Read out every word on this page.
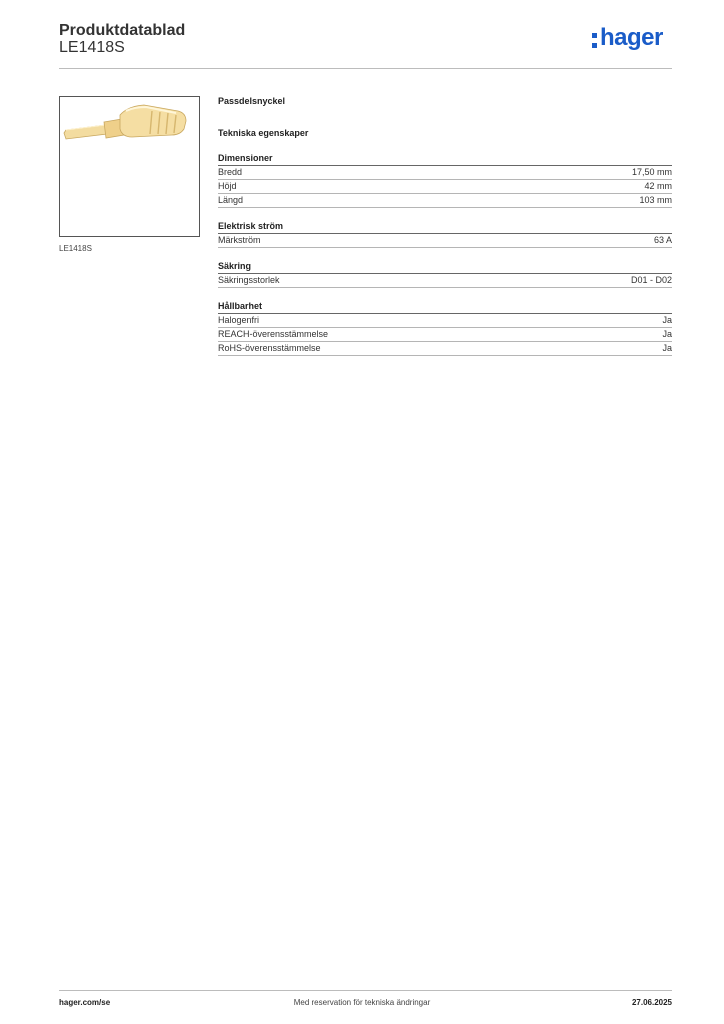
Produktdatablad
LE1418S	hager
LE1418S
Passdelsnyckel
Tekniska egenskaper
Dimensioner
Bredd	17,50 mm
Höjd	42 mm
Längd	103 mm
Elektrisk ström
Märkström	63 A
Säkring
Säkringsstorlek	D01 - D02
Hållbarhet
Halogenfri	Ja
REACH-överensstämmelse	Ja
RoHS-överensstämmelse	Ja
hager.com/se	Med reservation för tekniska ändringar	27.06.2025
